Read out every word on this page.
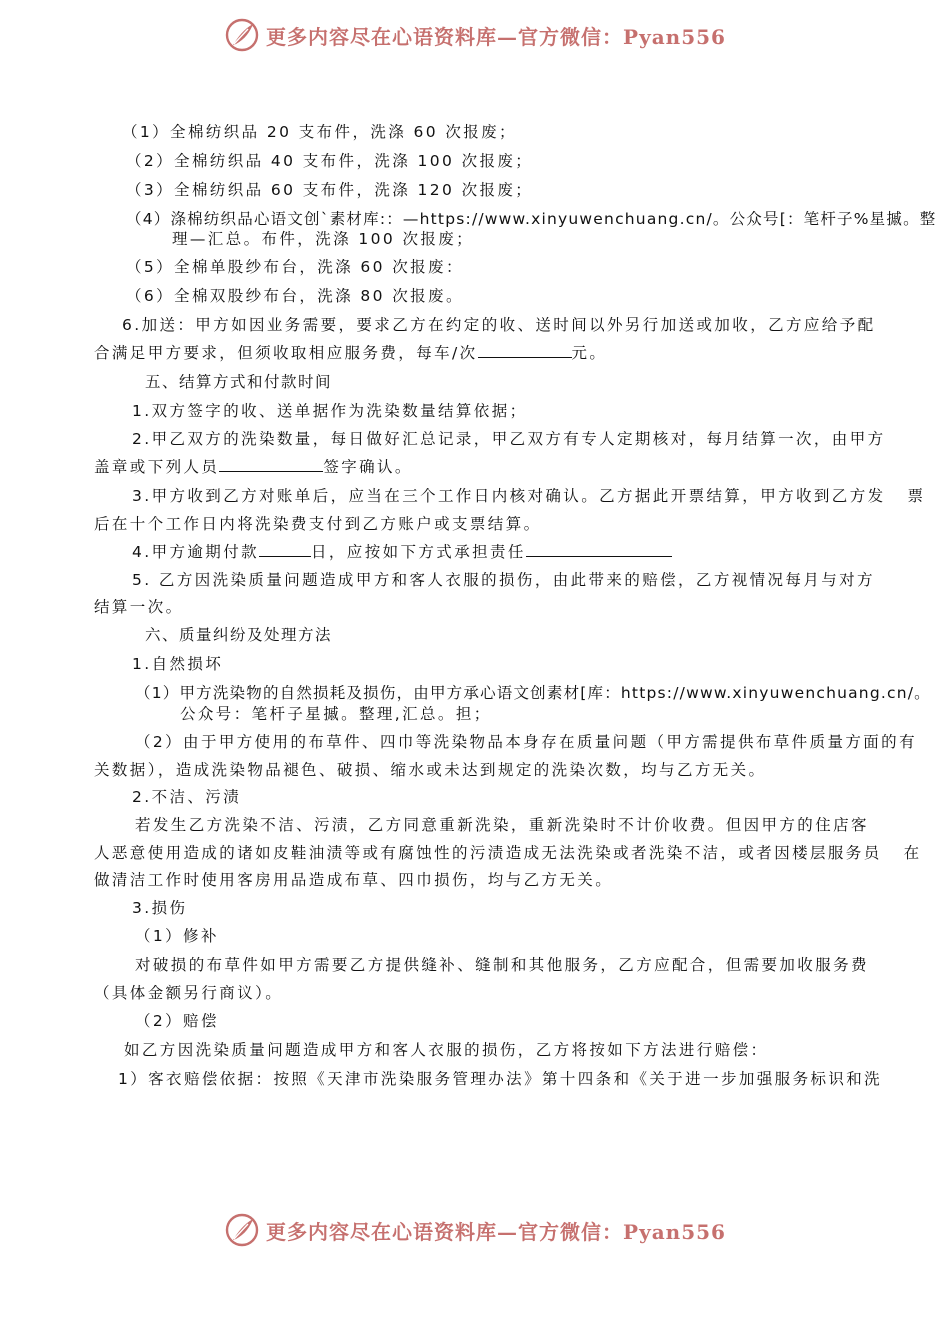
更多内容尽在心语资料库—官方微信：Pyan556
（1）全棉纺织品 20 支布件，洗涤 60 次报废；
（2）全棉纺织品 40 支布件，洗涤 100 次报废；
（3）全棉纺织品 60 支布件，洗涤 120 次报废；
（4）涤棉纺织品心语文创`素材库:：—https://www.xinyuwenchuang.cn/。公众号[：笔杆子%星摵。整
理—汇总。布件，洗涤 100 次报废；
（5）全棉单股纱布台，洗涤 60 次报废：
（6）全棉双股纱布台，洗涤 80 次报废。
6.加送：甲方如因业务需要，要求乙方在约定的收、送时间以外另行加送或加收，乙方应给予配
合满足甲方要求，但须收取相应服务费，每车/次	元。
五、结算方式和付款时间
1.双方签字的收、送单据作为洗染数量结算依据；
2.甲乙双方的洗染数量，每日做好汇总记录，甲乙双方有专人定期核对，每月结算一次，由甲方
盖章或下列人员	签字确认。
3.甲方收到乙方对账单后，应当在三个工作日内核对确认。乙方据此开票结算，甲方收到乙方发 票
后在十个工作日内将洗染费支付到乙方账户或支票结算。
4.甲方逾期付款	日，应按如下方式承担责任
5. 乙方因洗染质量问题造成甲方和客人衣服的损伤，由此带来的赔偿，乙方视情况每月与对方
结算一次。
六、质量纠纷及处理方法
1.自然损坏
（1）甲方洗染物的自然损耗及损伤，由甲方承心语文创素材[库：https://www.xinyuwenchuang.cn/。
公众号：笔杆子星摵。整理,汇总。担；
（2）由于甲方使用的布草件、四巾等洗染物品本身存在质量问题（甲方需提供布草件质量方面的有
关数据），造成洗染物品褪色、破损、缩水或未达到规定的洗染次数，均与乙方无关。
2.不洁、污渍
若发生乙方洗染不洁、污渍，乙方同意重新洗染，重新洗染时不计价收费。但因甲方的住店客
人恶意使用造成的诸如皮鞋油渍等或有腐蚀性的污渍造成无法洗染或者洗染不洁，或者因楼层服务员 在
做清洁工作时使用客房用品造成布草、四巾损伤，均与乙方无关。
3.损伤
（1）修补
对破损的布草件如甲方需要乙方提供缝补、缝制和其他服务，乙方应配合，但需要加收服务费
（具体金额另行商议）。
（2）赔偿
如乙方因洗染质量问题造成甲方和客人衣服的损伤，乙方将按如下方法进行赔偿：
1）客衣赔偿依据：按照《天津市洗染服务管理办法》第十四条和《关于进一步加强服务标识和洗
更多内容尽在心语资料库—官方微信：Pyan556
